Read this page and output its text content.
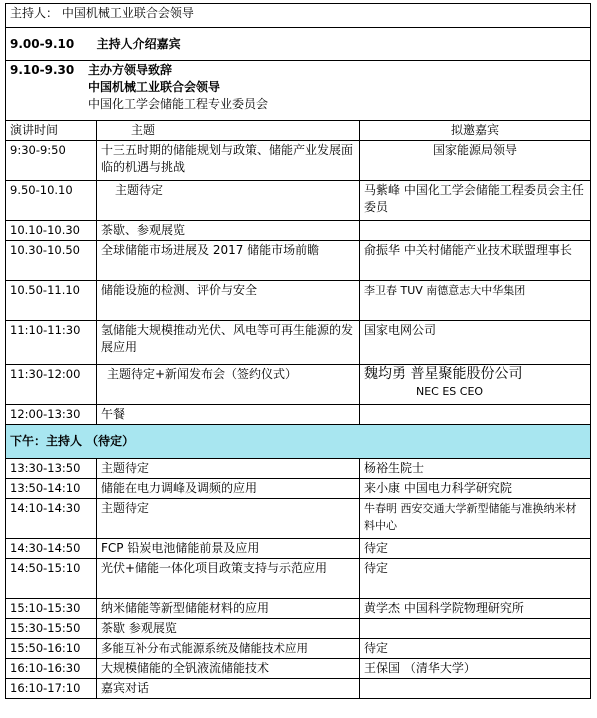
主持人： 中国机械工业联合会领导		
9.00-9.10 主持人介绍嘉宾		

9.10-9.30 主办方领导致辞
中国机械工业联合会领导
中国化工学会储能工程专业委员会		

演讲时间	主题	拟邀嘉宾
9:30-9:50	十三五时期的储能规划与政策、储能产业发展面临的机遇与挑战	国家能源局领导
9.50-10.10	主题待定	马紫峰 中国化工学会储能工程委员会主任委员
10.10-10.30	茶歇、参观展览	
10.30-10.50	全球储能市场进展及 2017 储能市场前瞻	俞振华 中关村储能产业技术联盟理事长
10.50-11.10	储能设施的检测、评价与安全	李卫春 TUV 南德意志大中华集团
11:10-11:30	氢储能大规模推动光伏、风电等可再生能源的发展应用	国家电网公司
11:30-12:00	主题待定+新闻发布会（签约仪式）	魏均勇 普星聚能股份公司
NEC ES CEO

12:00-13:30	午餐	
下午：主持人 （待定）		
13:30-13:50	主题待定	杨裕生院士
13:50-14:10	储能在电力调峰及调频的应用	来小康 中国电力科学研究院
14:10-14:30	主题待定	牛春明 西安交通大学新型储能与准换纳米材料中心
14:30-14:50	FCP 铅炭电池储能前景及应用	待定
14:50-15:10	光伏+储能一体化项目政策支持与示范应用	待定
15:10-15:30	纳米储能等新型储能材料的应用	黄学杰 中国科学院物理研究所
15:30-15:50	茶歇 参观展览	
15:50-16:10	多能互补分布式能源系统及储能技术应用	待定
16:10-16:30	大规模储能的全钒液流储能技术	王保国 （清华大学）
16:10-17:10	嘉宾对话	
